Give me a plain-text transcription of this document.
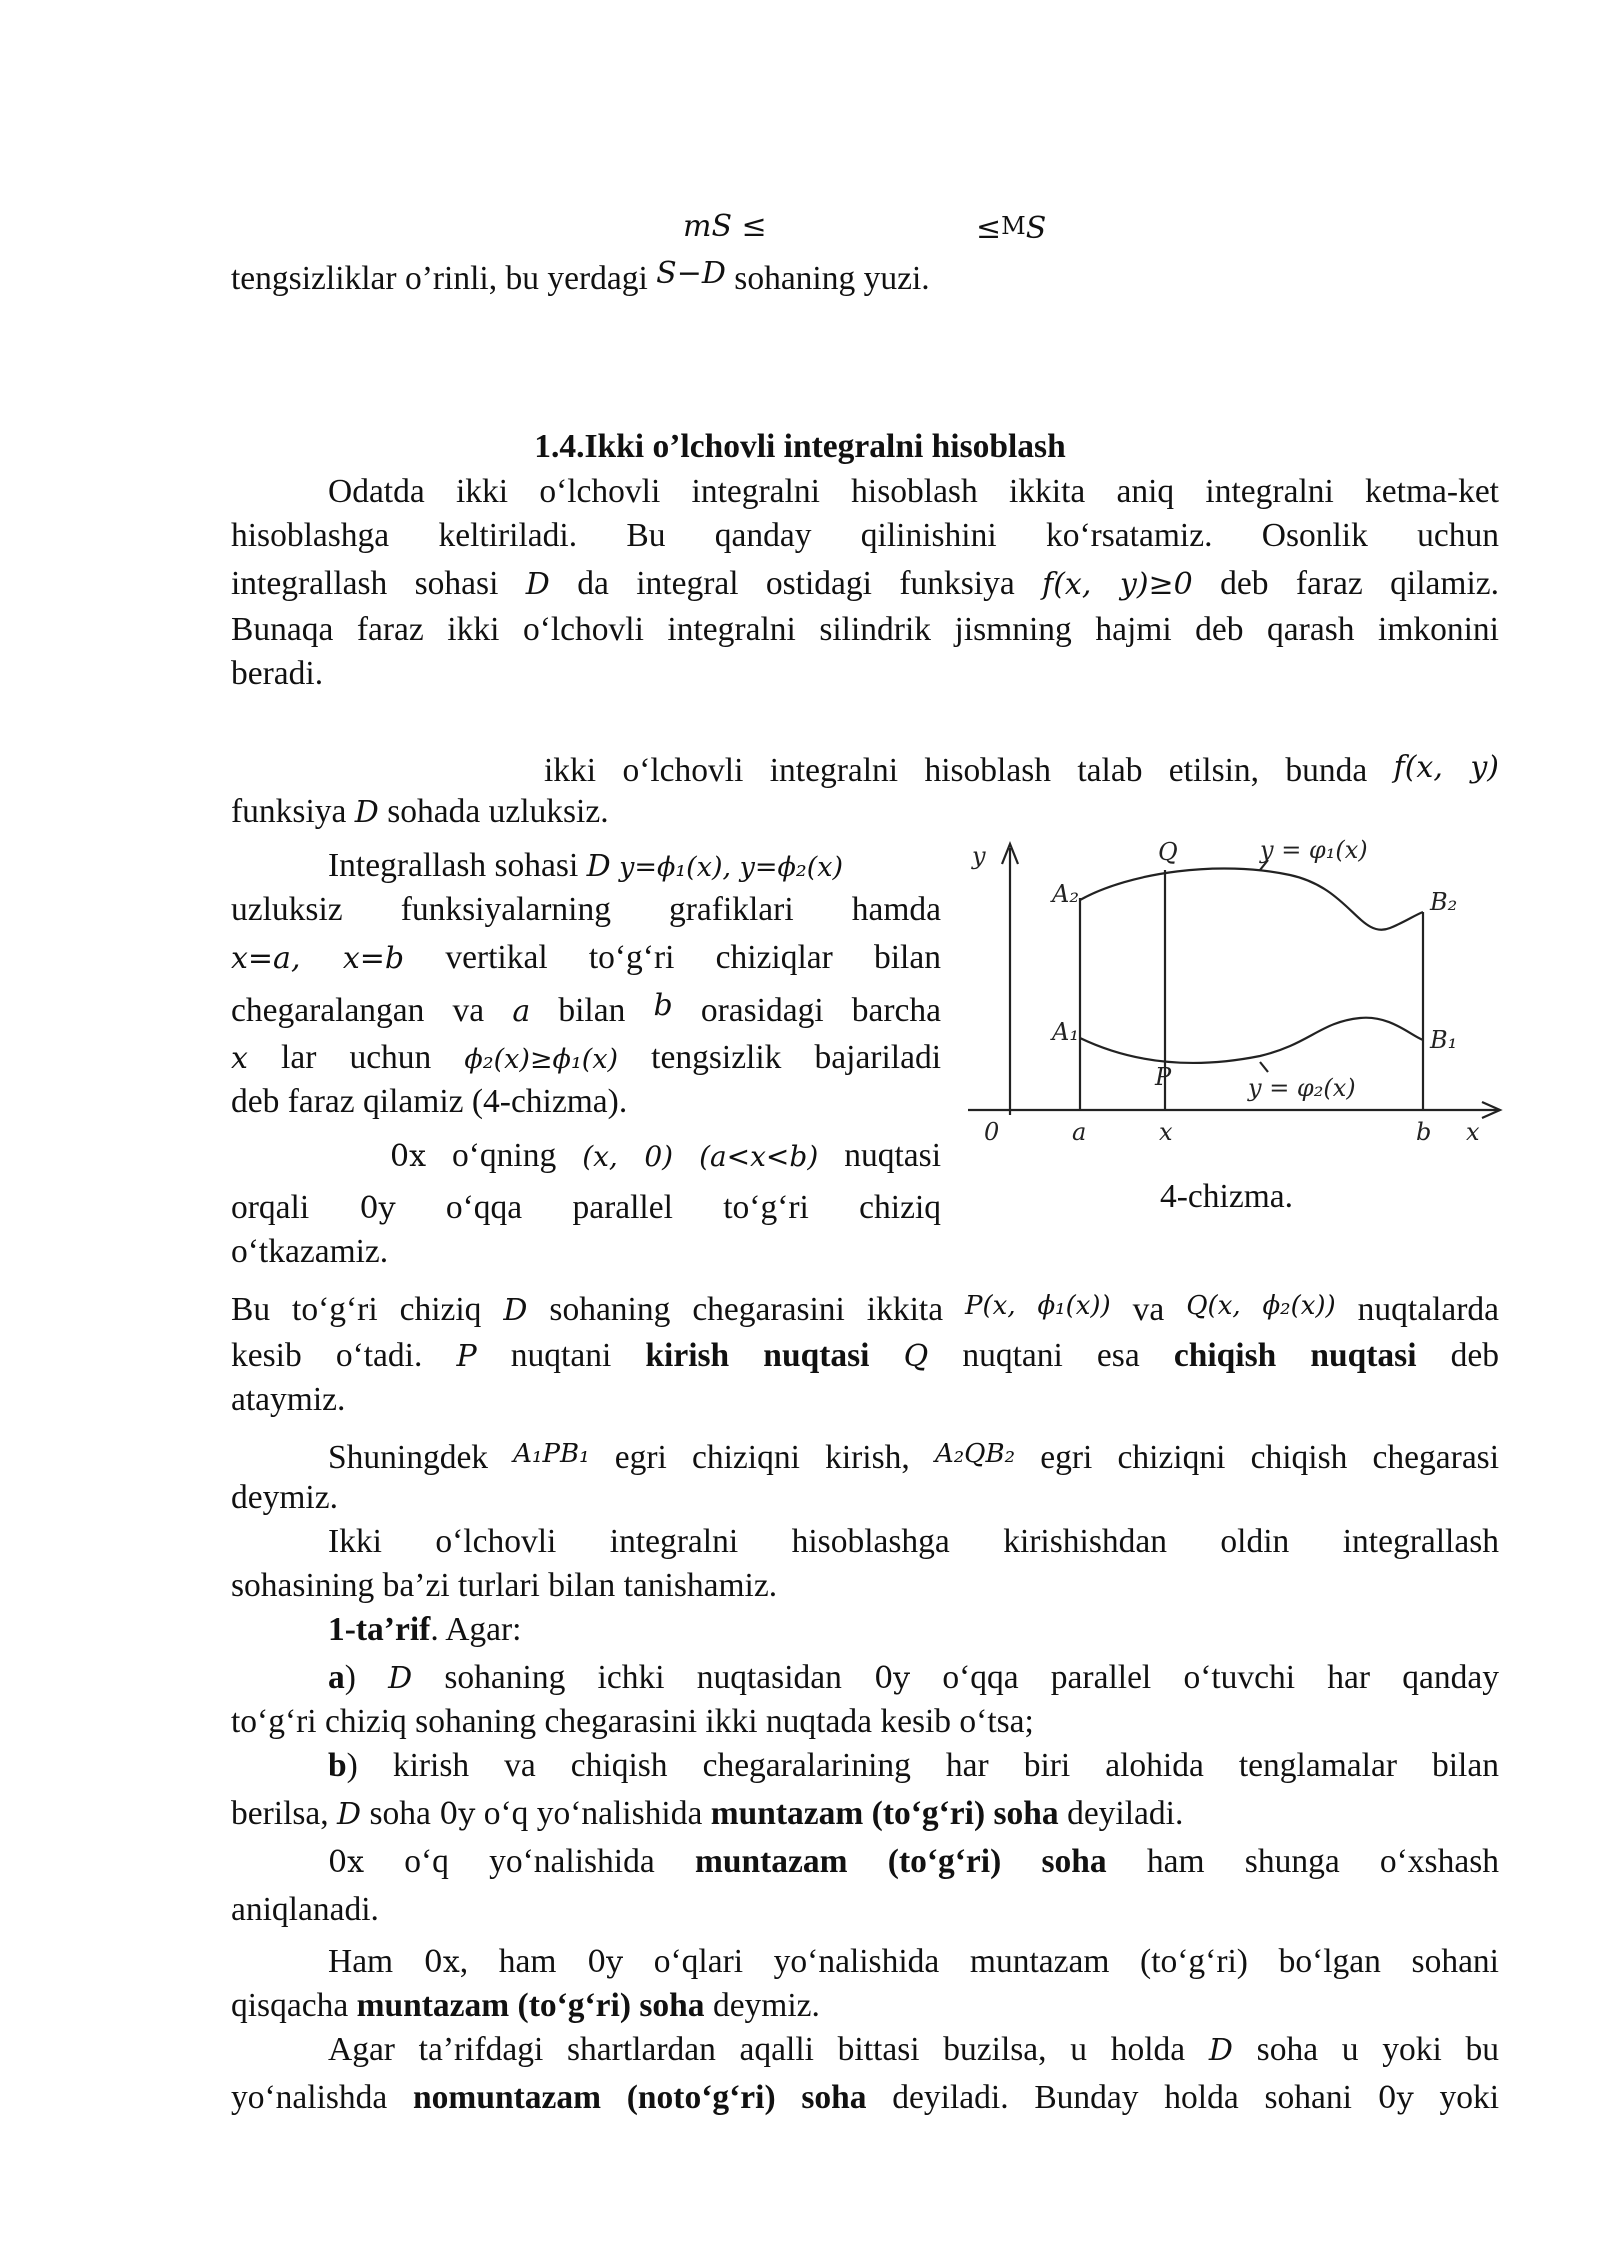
mS ≤	≤MS
tengsizliklar o’rinli, bu yerdagi S−D sohaning yuzi.
1.4.Ikki o’lchovli integralni hisoblash
Odatda ikki o‘lchovli integralni hisoblash ikkita aniq integralni ketma-ket
hisoblashga keltiriladi. Bu qanday qilinishini ko‘rsatamiz. Osonlik uchun
integrallash sohasi D da integral ostidagi funksiya f(x, y)≥0 deb faraz qilamiz.
Bunaqa faraz ikki o‘lchovli integralni silindrik jismning hajmi deb qarash imkonini
beradi.
ikki o‘lchovli integralni hisoblash talab etilsin, bunda f(x, y)
funksiya D sohada uzluksiz.
Integrallash sohasi D y=ϕ₁(x), y=ϕ₂(x)
uzluksiz funksiyalarning grafiklari hamda
x=a, x=b vertikal to‘g‘ri chiziqlar bilan
chegaralangan va a bilan b orasidagi barcha
x lar uchun ϕ₂(x)≥ϕ₁(x) tengsizlik bajariladi
deb faraz qilamiz (4-chizma).
0x o‘qning (x, 0) (a<x<b) nuqtasi
orqali 0y o‘qqa parallel to‘g‘ri chiziq
o‘tkazamiz.
y	Q	y = φ₁(x)
A₂	B₂
A₁	B₁
P	y = φ₂(x)
0	a	x	b x
4-chizma.
Bu to‘g‘ri chiziq D sohaning chegarasini ikkita P(x, ϕ₁(x)) va Q(x, ϕ₂(x)) nuqtalarda
kesib o‘tadi. P nuqtani kirish nuqtasi Q nuqtani esa chiqish nuqtasi deb
ataymiz.
Shuningdek A₁PB₁ egri chiziqni kirish, A₂QB₂ egri chiziqni chiqish chegarasi
deymiz.
Ikki o‘lchovli integralni hisoblashga kirishishdan oldin integrallash
sohasining ba’zi turlari bilan tanishamiz.
1-ta’rif. Agar:
a) D sohaning ichki nuqtasidan 0y o‘qqa parallel o‘tuvchi har qanday
to‘g‘ri chiziq sohaning chegarasini ikki nuqtada kesib o‘tsa;
b) kirish va chiqish chegaralarining har biri alohida tenglamalar bilan
berilsa, D soha 0y o‘q yo‘nalishida muntazam (to‘g‘ri) soha deyiladi.
0x o‘q yo‘nalishida muntazam (to‘g‘ri) soha ham shunga o‘xshash
aniqlanadi.
Ham 0x, ham 0y o‘qlari yo‘nalishida muntazam (to‘g‘ri) bo‘lgan sohani
qisqacha muntazam (to‘g‘ri) soha deymiz.
Agar ta’rifdagi shartlardan aqalli bittasi buzilsa, u holda D soha u yoki bu
yo‘nalishda nomuntazam (noto‘g‘ri) soha deyiladi. Bunday holda sohani 0y yoki
